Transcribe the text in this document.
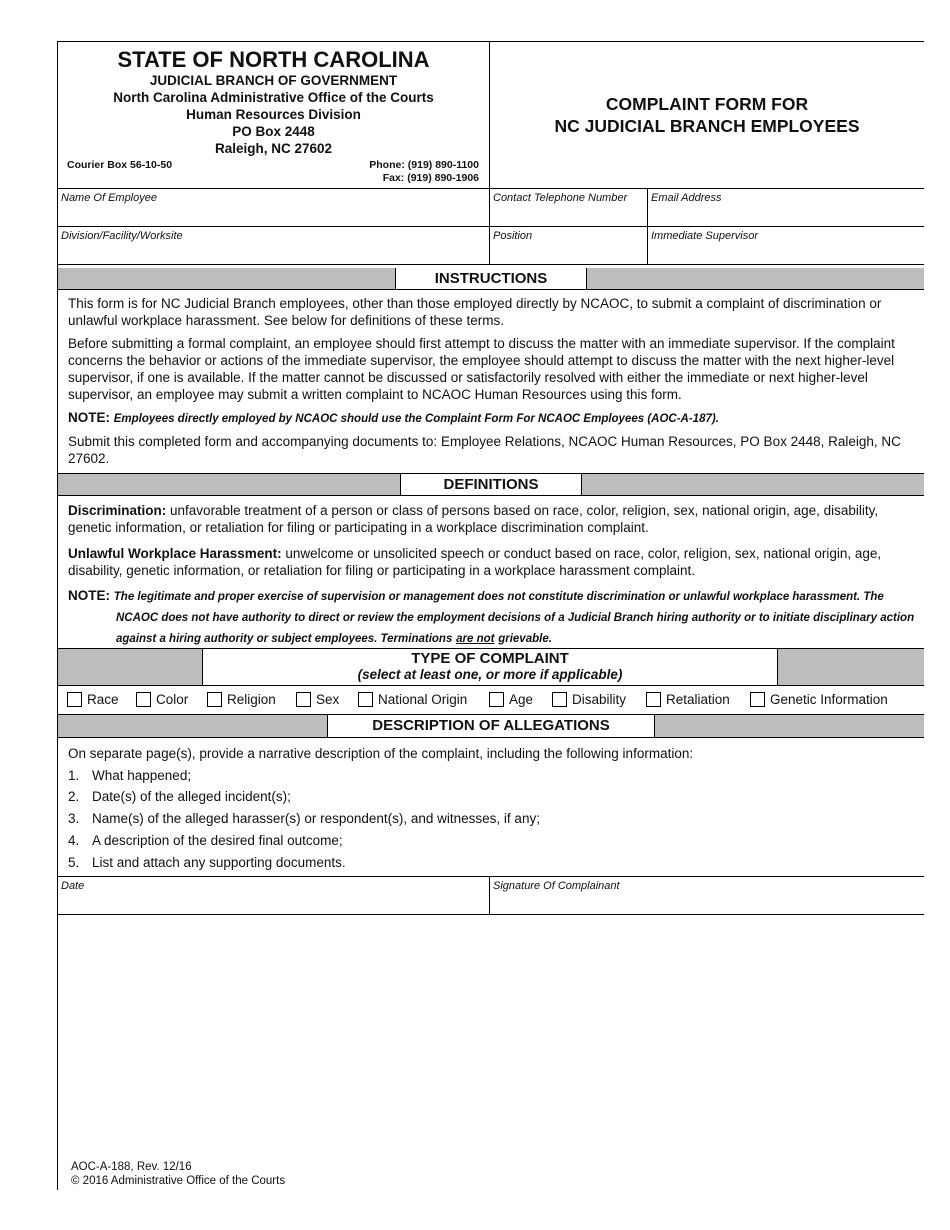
STATE OF NORTH CAROLINA
JUDICIAL BRANCH OF GOVERNMENT
North Carolina Administrative Office of the Courts
Human Resources Division
PO Box 2448
Raleigh, NC 27602
Courier Box 56-10-50	Phone: (919) 890-1100
Fax: (919) 890-1906
COMPLAINT FORM FOR
NC JUDICIAL BRANCH EMPLOYEES
Name Of Employee	Contact Telephone Number	Email Address
Division/Facility/Worksite	Position	Immediate Supervisor
INSTRUCTIONS
This form is for NC Judicial Branch employees, other than those employed directly by NCAOC, to submit a complaint of discrimination or unlawful workplace harassment. See below for definitions of these terms.
Before submitting a formal complaint, an employee should first attempt to discuss the matter with an immediate supervisor. If the complaint concerns the behavior or actions of the immediate supervisor, the employee should attempt to discuss the matter with the next higher-level supervisor, if one is available. If the matter cannot be discussed or satisfactorily resolved with either the immediate or next higher-level supervisor, an employee may submit a written complaint to NCAOC Human Resources using this form.
NOTE: Employees directly employed by NCAOC should use the Complaint Form For NCAOC Employees (AOC-A-187).
Submit this completed form and accompanying documents to: Employee Relations, NCAOC Human Resources, PO Box 2448, Raleigh, NC 27602.
DEFINITIONS
Discrimination: unfavorable treatment of a person or class of persons based on race, color, religion, sex, national origin, age, disability, genetic information, or retaliation for filing or participating in a workplace discrimination complaint.
Unlawful Workplace Harassment: unwelcome or unsolicited speech or conduct based on race, color, religion, sex, national origin, age, disability, genetic information, or retaliation for filing or participating in a workplace harassment complaint.
NOTE: The legitimate and proper exercise of supervision or management does not constitute discrimination or unlawful workplace harassment. The NCAOC does not have authority to direct or review the employment decisions of a Judicial Branch hiring authority or to initiate disciplinary action against a hiring authority or subject employees. Terminations are not grievable.
TYPE OF COMPLAINT
(select at least one, or more if applicable)
Race	Color	Religion	Sex	National Origin	Age	Disability	Retaliation	Genetic Information
DESCRIPTION OF ALLEGATIONS
On separate page(s), provide a narrative description of the complaint, including the following information:
1. What happened;
2. Date(s) of the alleged incident(s);
3. Name(s) of the alleged harasser(s) or respondent(s), and witnesses, if any;
4. A description of the desired final outcome;
5. List and attach any supporting documents.
Date	Signature Of Complainant
AOC-A-188, Rev. 12/16
© 2016 Administrative Office of the Courts
